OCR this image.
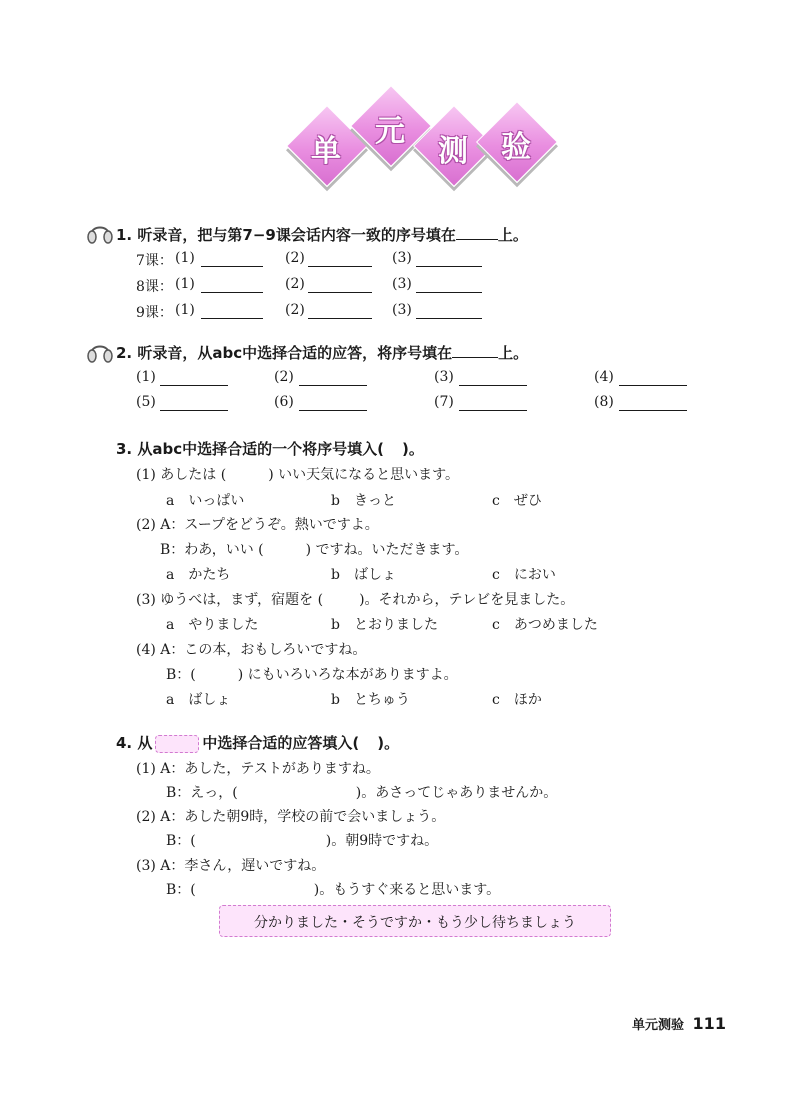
单
元
测	验
1. 听录音，把与第7−9课会话内容一致的序号填在	上。
7课： (1)	(2)	(3)
8课： (1)	(2)	(3)
9课： (1)	(2)	(3)
2. 听录音，从abc中选择合适的应答，将序号填在	上。
(1)	(2)	(3)	(4)
(5)	(6)	(7)	(8)
3. 从abc中选择合适的一个将序号填入( )。
(1) あしたは (	) いい天気になると思います。
a　いっぱい	b　きっと	c　ぜひ
(2) A：スープをどうぞ。熱いですよ。
B：わあ，いい (	) ですね。いただきます。
a　かたち	b　ばしょ	c　におい
(3) ゆうべは，まず，宿題を (	)。それから，テレビを見ました。
a　やりました	b　とおりました	c　あつめました
(4) A：この本，おもしろいですね。
B：(	) にもいろいろな本がありますよ。
a　ばしょ	b　とちゅう	c　ほか
4. 从	中选择合适的应答填入( )。
(1) A：あした，テストがありますね。
B：えっ，(	)。あさってじゃありませんか。
(2) A：あした朝9時，学校の前で会いましょう。
B：(	)。朝9時ですね。
(3) A：李さん，遅いですね。
B：(	)。もうすぐ来ると思います。
分かりました・そうですか・もう少し待ちましょう
单元测验 111
